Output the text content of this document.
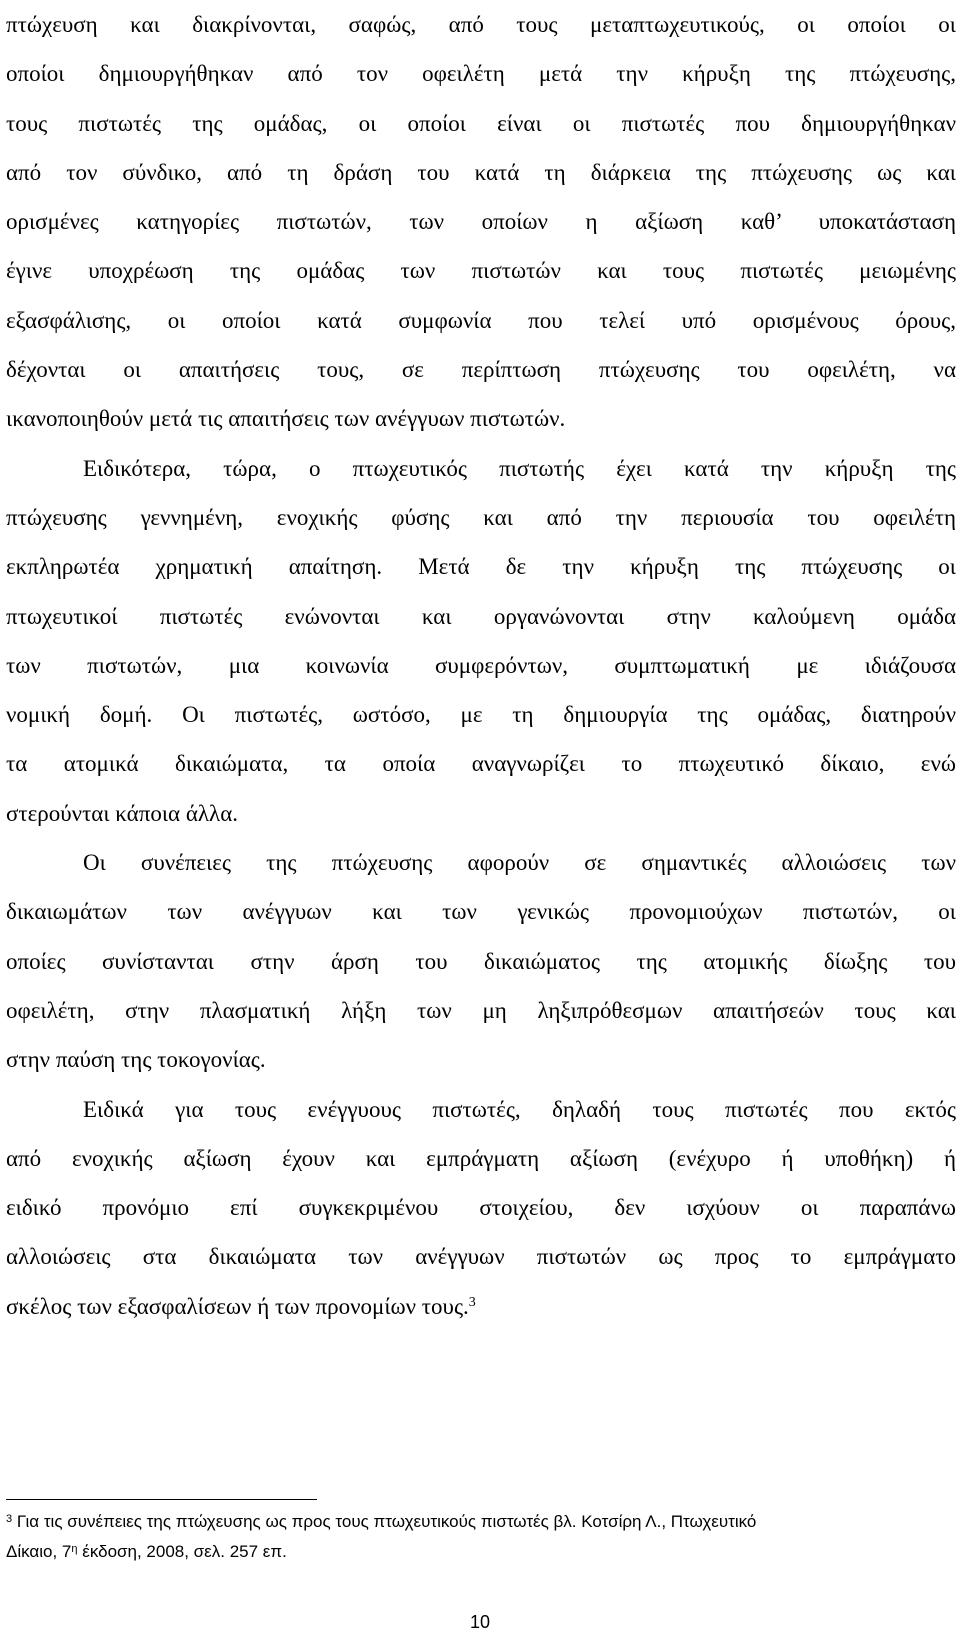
πτώχευση και διακρίνονται, σαφώς, από τους μεταπτωχευτικούς, οι οποίοι οι
οποίοι δημιουργήθηκαν από τον οφειλέτη μετά την κήρυξη της πτώχευσης,
τους πιστωτές της ομάδας, οι οποίοι είναι οι πιστωτές που δημιουργήθηκαν
από τον σύνδικο, από τη δράση του κατά τη διάρκεια της πτώχευσης ως και
ορισμένες κατηγορίες πιστωτών, των οποίων η αξίωση καθ’ υποκατάσταση
έγινε υποχρέωση της ομάδας των πιστωτών και τους πιστωτές μειωμένης
εξασφάλισης, οι οποίοι κατά συμφωνία που τελεί υπό ορισμένους όρους,
δέχονται οι απαιτήσεις τους, σε περίπτωση πτώχευσης του οφειλέτη, να
ικανοποιηθούν μετά τις απαιτήσεις των ανέγγυων πιστωτών.
Ειδικότερα, τώρα, ο πτωχευτικός πιστωτής έχει κατά την κήρυξη της
πτώχευσης γεννημένη, ενοχικής φύσης και από την περιουσία του οφειλέτη
εκπληρωτέα χρηματική απαίτηση. Μετά δε την κήρυξη της πτώχευσης οι
πτωχευτικοί πιστωτές ενώνονται και οργανώνονται στην καλούμενη ομάδα
των πιστωτών, μια κοινωνία συμφερόντων, συμπτωματική με ιδιάζουσα
νομική δομή. Οι πιστωτές, ωστόσο, με τη δημιουργία της ομάδας, διατηρούν
τα ατομικά δικαιώματα, τα οποία αναγνωρίζει το πτωχευτικό δίκαιο, ενώ
στερούνται κάποια άλλα.
Οι συνέπειες της πτώχευσης αφορούν σε σημαντικές αλλοιώσεις των
δικαιωμάτων των ανέγγυων και των γενικώς προνομιούχων πιστωτών, οι
οποίες συνίστανται στην άρση του δικαιώματος της ατομικής δίωξης του
οφειλέτη, στην πλασματική λήξη των μη ληξιπρόθεσμων απαιτήσεών τους και
στην παύση της τοκογονίας.
Ειδικά για τους ενέγγυους πιστωτές, δηλαδή τους πιστωτές που εκτός
από ενοχικής αξίωση έχουν και εμπράγματη αξίωση (ενέχυρο ή υποθήκη) ή
ειδικό προνόμιο επί συγκεκριμένου στοιχείου, δεν ισχύουν οι παραπάνω
αλλοιώσεις στα δικαιώματα των ανέγγυων πιστωτών ως προς το εμπράγματο
σκέλος των εξασφαλίσεων ή των προνομίων τους.$^3$
$^3$ Για τις συνέπειες της πτώχευσης ως προς τους πτωχευτικούς πιστωτές βλ. Κοτσίρη Λ., Πτωχευτικό
Δίκαιο, $7^\eta$ έκδοση, 2008, σελ. 257 επ.
10
